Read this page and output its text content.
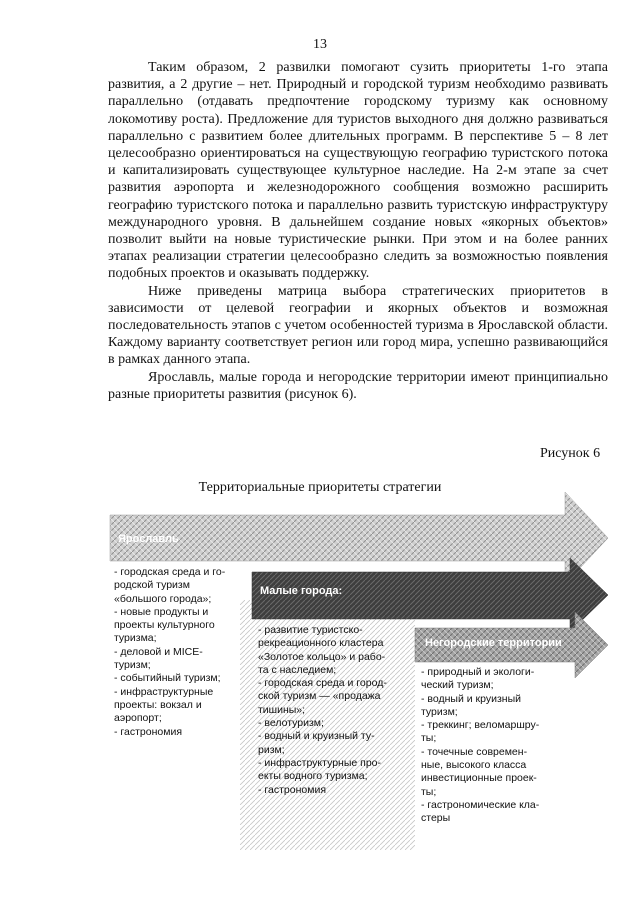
13

Таким образом, 2 развилки помогают сузить приоритеты 1-го этапа развития, а 2 другие – нет. Природный и городской туризм необходимо развивать параллельно (отдавать предпочтение городскому туризму как основному локомотиву роста). Предложение для туристов выходного дня должно развиваться параллельно с развитием более длительных программ. В перспективе 5 – 8 лет целесообразно ориентироваться на существующую географию туристского потока и капитализировать существующее культурное наследие. На 2-м этапе за счет развития аэропорта и железнодорожного сообщения возможно расширить географию туристского потока и параллельно развить туристскую инфраструктуру международного уровня. В дальнейшем создание новых «якорных объектов» позволит выйти на новые туристические рынки. При этом и на более ранних этапах реализации стратегии целесообразно следить за возможностью появления подобных проектов и оказывать поддержку.

Ниже приведены матрица выбора стратегических приоритетов в зависимости от целевой географии и якорных объектов и возможная последовательность этапов с учетом особенностей туризма в Ярославской области. Каждому варианту соответствует регион или город мира, успешно развивающийся в рамках данного этапа.

Ярославль, малые города и негородские территории имеют принципиально разные приоритеты развития (рисунок 6).

Рисунок 6
Территориальные приоритеты стратегии
Ярославль
Малые города:
Негородские территории
- городская среда и го-
родской туризм
«большого города»;
- новые продукты и
проекты культурного
туризма;
- деловой и MICE-
туризм;
- событийный туризм;
- инфраструктурные
проекты: вокзал и
аэропорт;
- гастрономия
- развитие туристско-
рекреационного кластера
«Золотое кольцо» и рабо-
та с наследием;
- городская среда и город-
ской туризм — «продажа
тишины»;
- велотуризм;
- водный и круизный ту-
ризм;
- инфраструктурные про-
екты водного туризма;
- гастрономия
- природный и экологи-
ческий туризм;
- водный и круизный
туризм;
- треккинг; веломаршру-
ты;
- точечные современ-
ные, высокого класса
инвестиционные проек-
ты;
- гастрономические кла-
стеры
